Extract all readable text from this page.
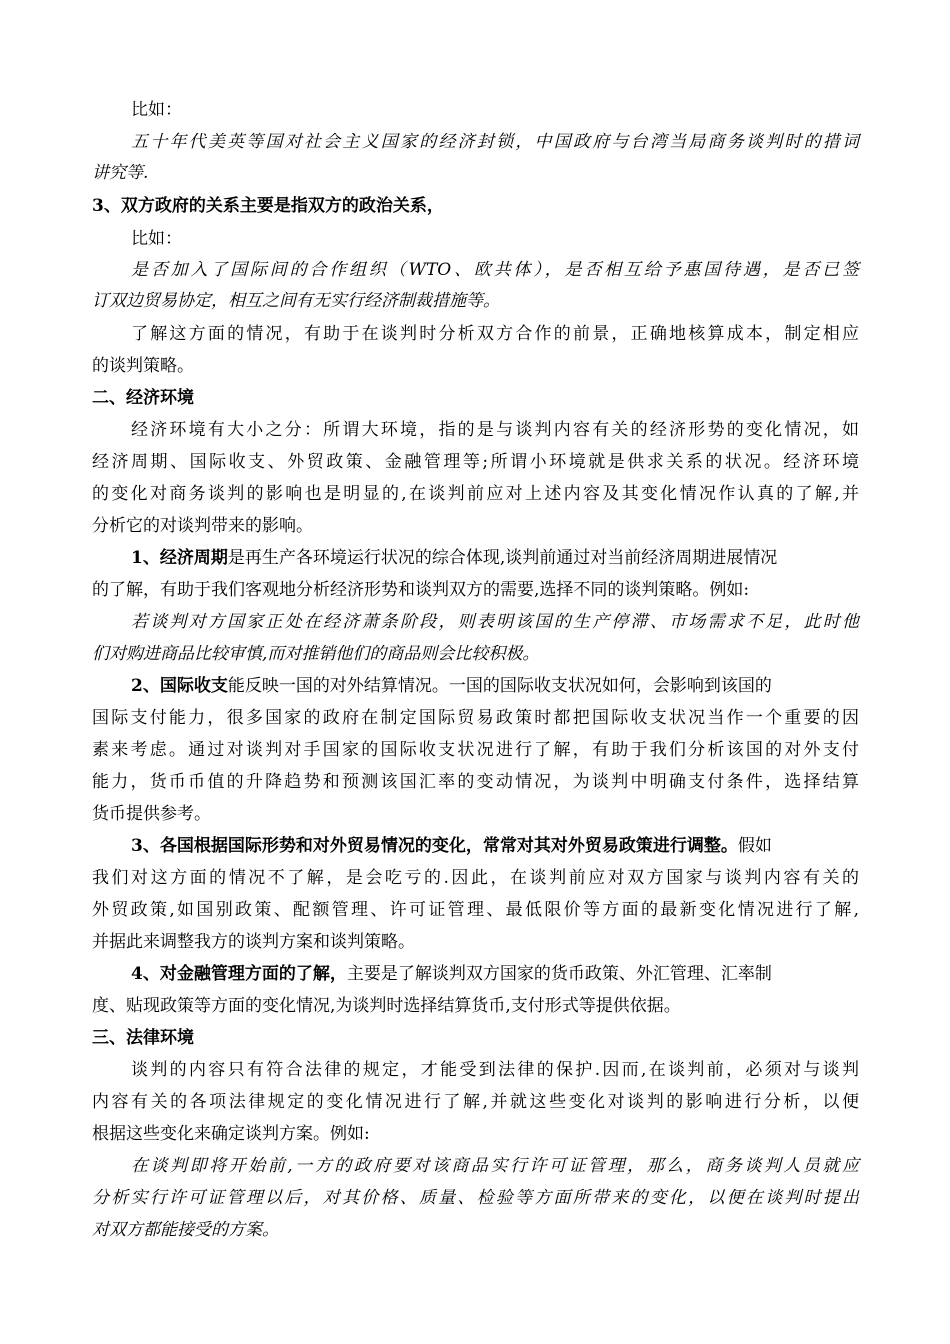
比如：
五十年代美英等国对社会主义国家的经济封锁，中国政府与台湾当局商务谈判时的措词
讲究等.
3、双方政府的关系主要是指双方的政治关系，
比如：
是否加入了国际间的合作组织（WTO、欧共体），是否相互给予惠国待遇，是否已签
订双边贸易协定，相互之间有无实行经济制裁措施等。
了解这方面的情况，有助于在谈判时分析双方合作的前景，正确地核算成本，制定相应
的谈判策略。
二、经济环境
经济环境有大小之分：所谓大环境，指的是与谈判内容有关的经济形势的变化情况，如
经济周期、国际收支、外贸政策、金融管理等;所谓小环境就是供求关系的状况。经济环境
的变化对商务谈判的影响也是明显的,在谈判前应对上述内容及其变化情况作认真的了解,并
分析它的对谈判带来的影响。
1、经济周期是再生产各环境运行状况的综合体现,谈判前通过对当前经济周期进展情况
的了解，有助于我们客观地分析经济形势和谈判双方的需要,选择不同的谈判策略。例如:
若谈判对方国家正处在经济萧条阶段，则表明该国的生产停滞、市场需求不足，此时他
们对购进商品比较审慎,而对推销他们的商品则会比较积极。
2、国际收支能反映一国的对外结算情况。一国的国际收支状况如何，会影响到该国的
国际支付能力，很多国家的政府在制定国际贸易政策时都把国际收支状况当作一个重要的因
素来考虑。通过对谈判对手国家的国际收支状况进行了解，有助于我们分析该国的对外支付
能力，货币币值的升降趋势和预测该国汇率的变动情况，为谈判中明确支付条件，选择结算
货币提供参考。
3、各国根据国际形势和对外贸易情况的变化，常常对其对外贸易政策进行调整。假如
我们对这方面的情况不了解，是会吃亏的.因此，在谈判前应对双方国家与谈判内容有关的
外贸政策,如国别政策、配额管理、许可证管理、最低限价等方面的最新变化情况进行了解,
并据此来调整我方的谈判方案和谈判策略。
4、对金融管理方面的了解，主要是了解谈判双方国家的货币政策、外汇管理、汇率制
度、贴现政策等方面的变化情况,为谈判时选择结算货币,支付形式等提供依据。
三、法律环境
谈判的内容只有符合法律的规定，才能受到法律的保护.因而,在谈判前，必须对与谈判
内容有关的各项法律规定的变化情况进行了解,并就这些变化对谈判的影响进行分析，以便
根据这些变化来确定谈判方案。例如:
在谈判即将开始前,一方的政府要对该商品实行许可证管理，那么，商务谈判人员就应
分析实行许可证管理以后，对其价格、质量、检验等方面所带来的变化，以便在谈判时提出
对双方都能接受的方案。
